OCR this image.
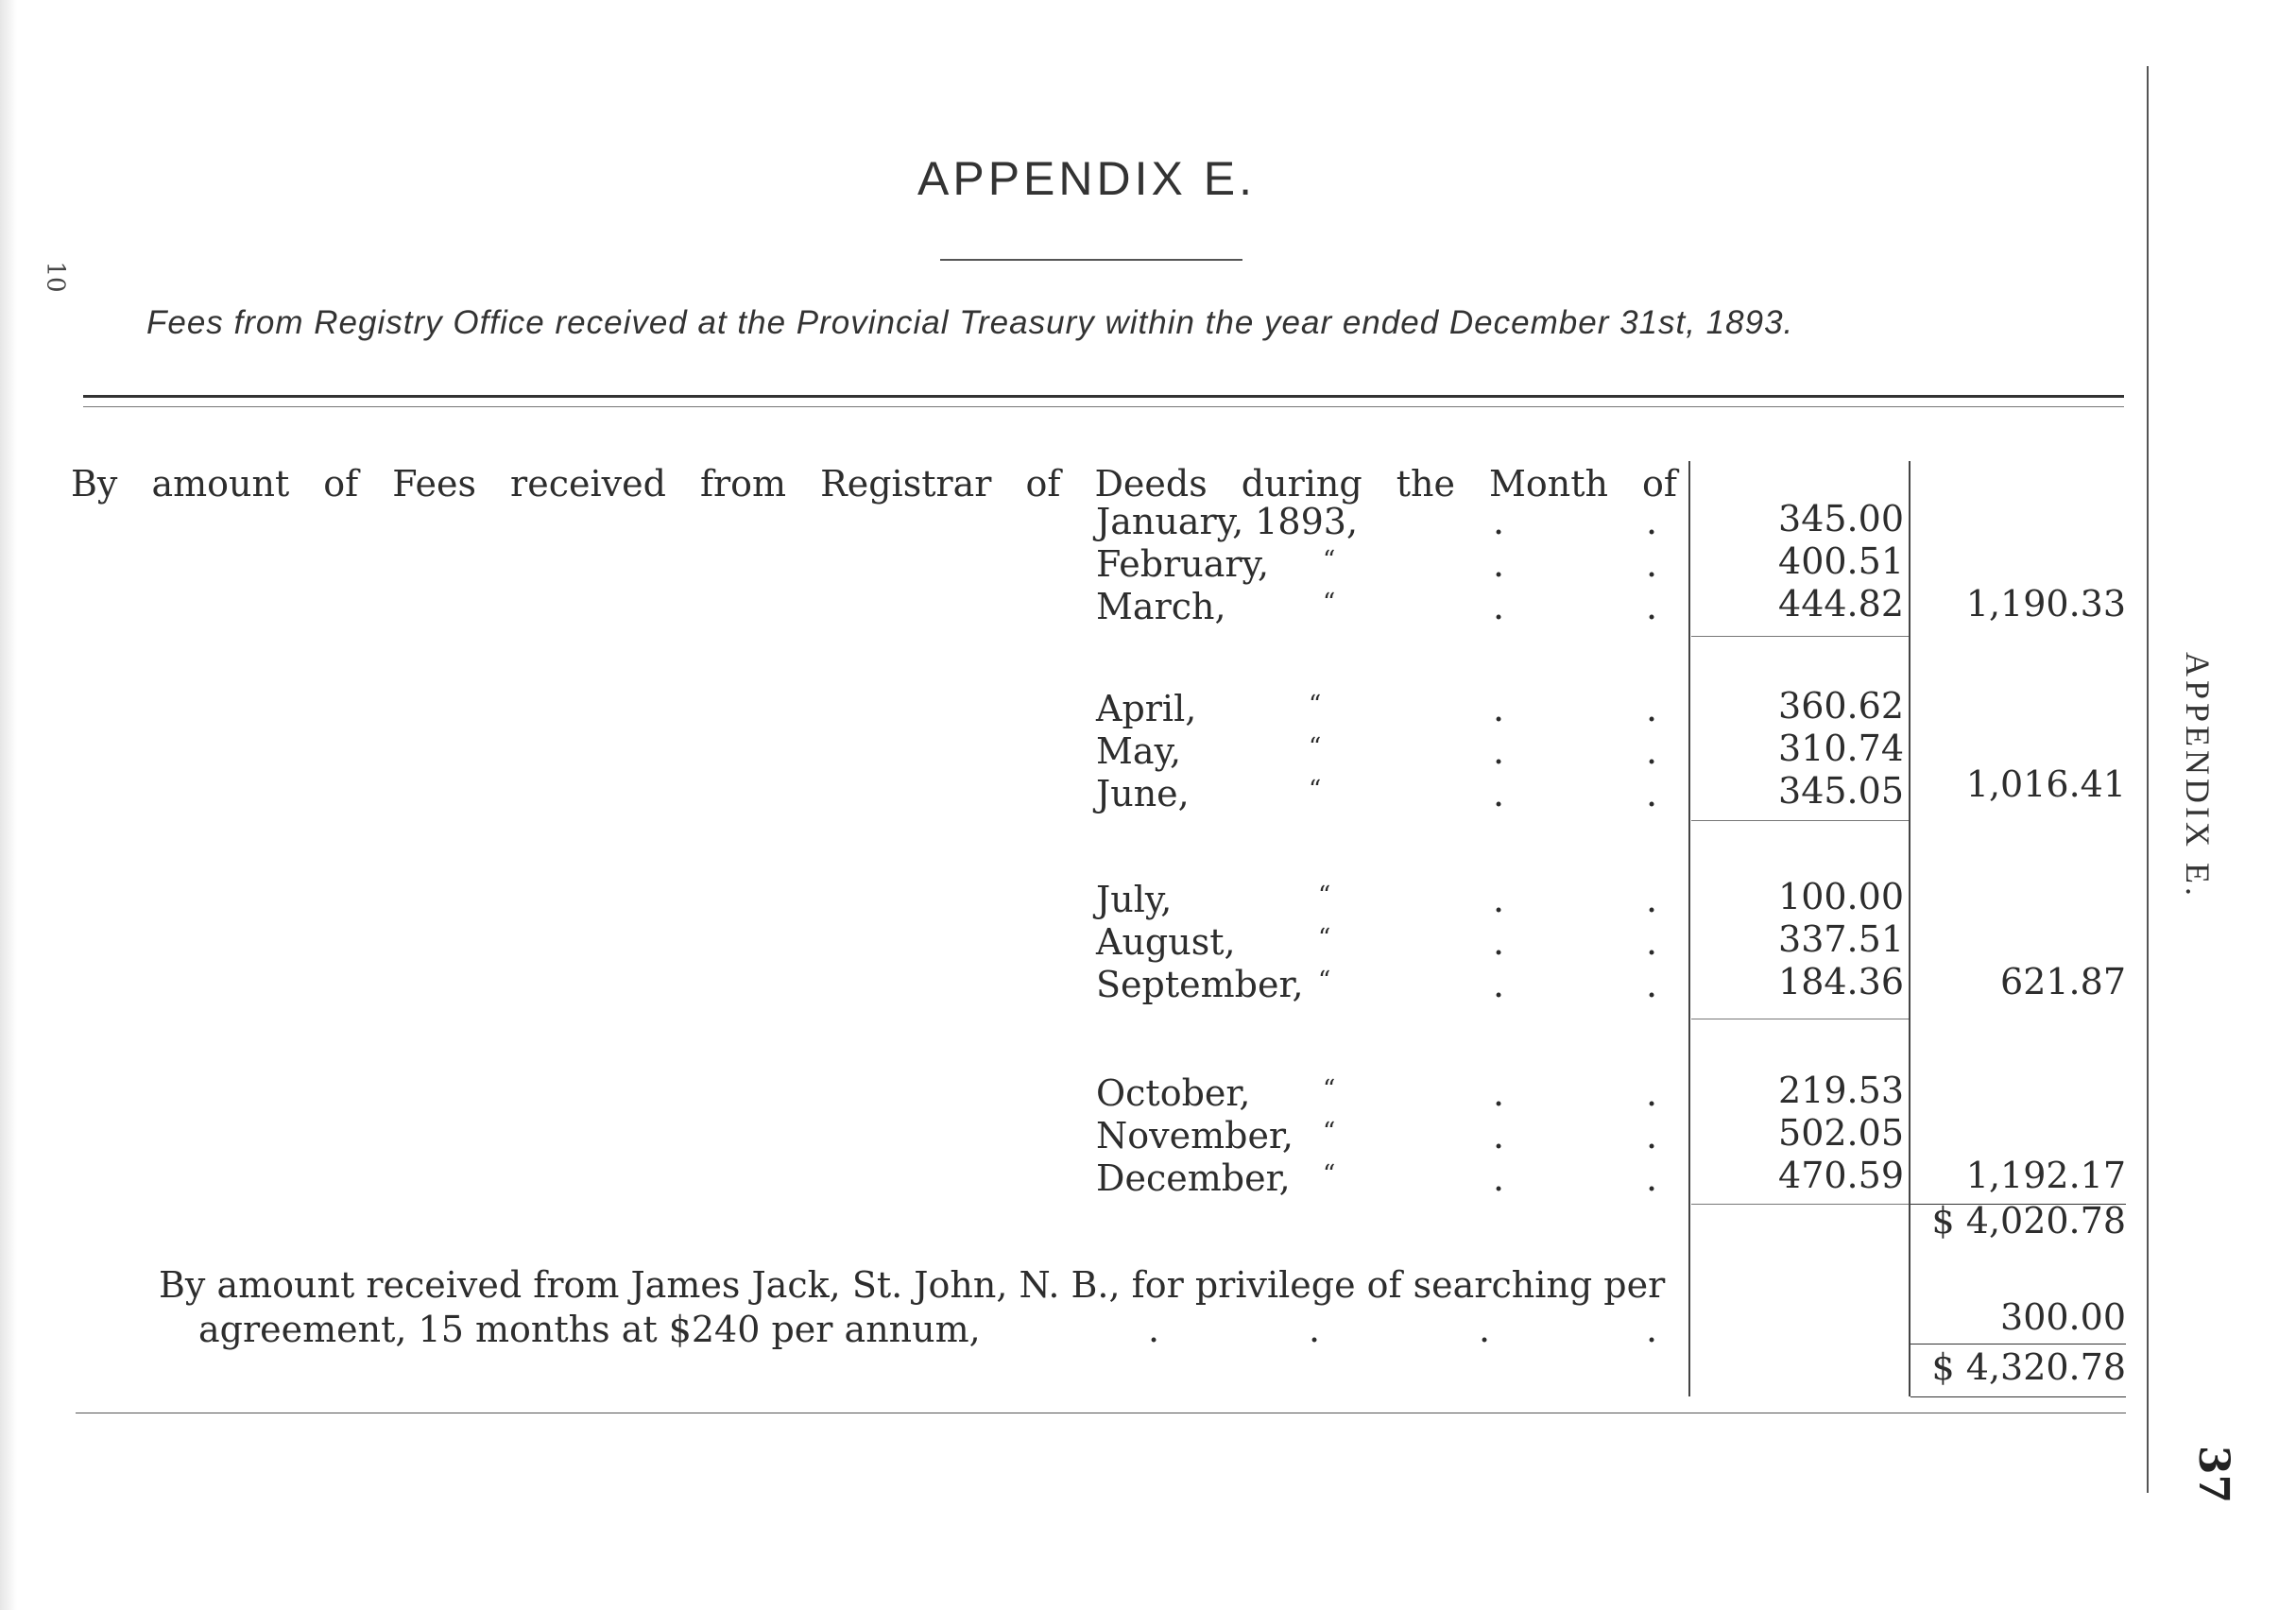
10
APPENDIX E.
Fees from Registry Office received at the Provincial Treasury within the year ended December 31st, 1893.
By amount of Fees received from Registrar of Deeds during the Month of
January, 1893,	.	.	345.00
February, “	.	.	400.51
March,	“	.	.	444.82	1,190.33
April,	“	.	.	360.62
May,	“	.	.	310.74
June,	“	.	.	345.05	1,016.41
July,	“	.	.	100.00
August,	“	.	.	337.51
September, “	.	.	184.36	621.87
October,	“	.	.	219.53
November, “	.	.	502.05
December, “	.	.	470.59	1,192.17
$ 4,020.78
By amount received from James Jack, St. John, N. B., for privilege of searching per
agreement, 15 months at $240 per annum,	.	.	.	.	300.00
$ 4,320.78
APPENDIX E.
37
